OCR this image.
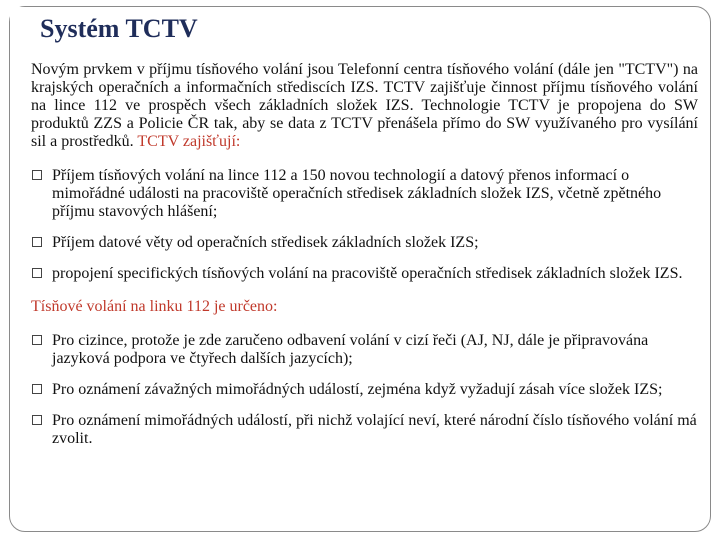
Systém TCTV

Novým prvkem v příjmu tísňového volání jsou Telefonní centra tísňového volání (dále jen "TCTV") na krajských operačních a informačních střediscích IZS. TCTV zajišťuje činnost příjmu tísňového volání na lince 112 ve prospěch všech základních složek IZS. Technologie TCTV je propojena do SW produktů ZZS a Policie ČR tak, aby se data z TCTV přenášela přímo do SW využívaného pro vysílání sil a prostředků. TCTV zajišťují:

Příjem tísňových volání na lince 112 a 150 novou technologií a datový přenos informací o mimořádné události na pracoviště operačních středisek základních složek IZS, včetně zpětného příjmu stavových hlášení;
Příjem datové věty od operačních středisek základních složek IZS;
propojení specifických tísňových volání na pracoviště operačních středisek základních složek IZS.

Tísňové volání na linku 112 je určeno:

Pro cizince, protože je zde zaručeno odbavení volání v cizí řeči (AJ, NJ, dále je připravována jazyková podpora ve čtyřech dalších jazycích);
Pro oznámení závažných mimořádných událostí, zejména když vyžadují zásah více složek IZS;
Pro oznámení mimořádných událostí, při nichž volající neví, které národní číslo tísňového volání má zvolit.
